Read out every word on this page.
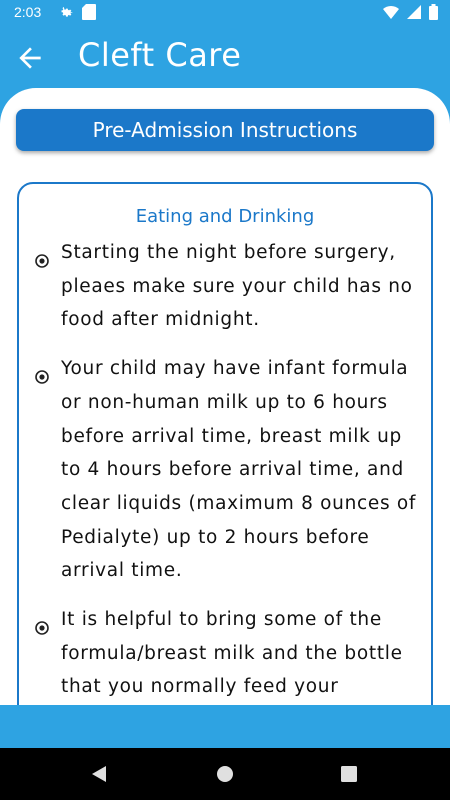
2:03
Cleft Care
Pre-Admission Instructions
Eating and Drinking
Starting the night before surgery, pleaes make sure your child has no food after midnight.
Your child may have infant formula or non-human milk up to 6 hours before arrival time, breast milk up to 4 hours before arrival time, and clear liquids (maximum 8 ounces of Pedialyte) up to 2 hours before arrival time.
It is helpful to bring some of the formula/breast milk and the bottle that you normally feed your
